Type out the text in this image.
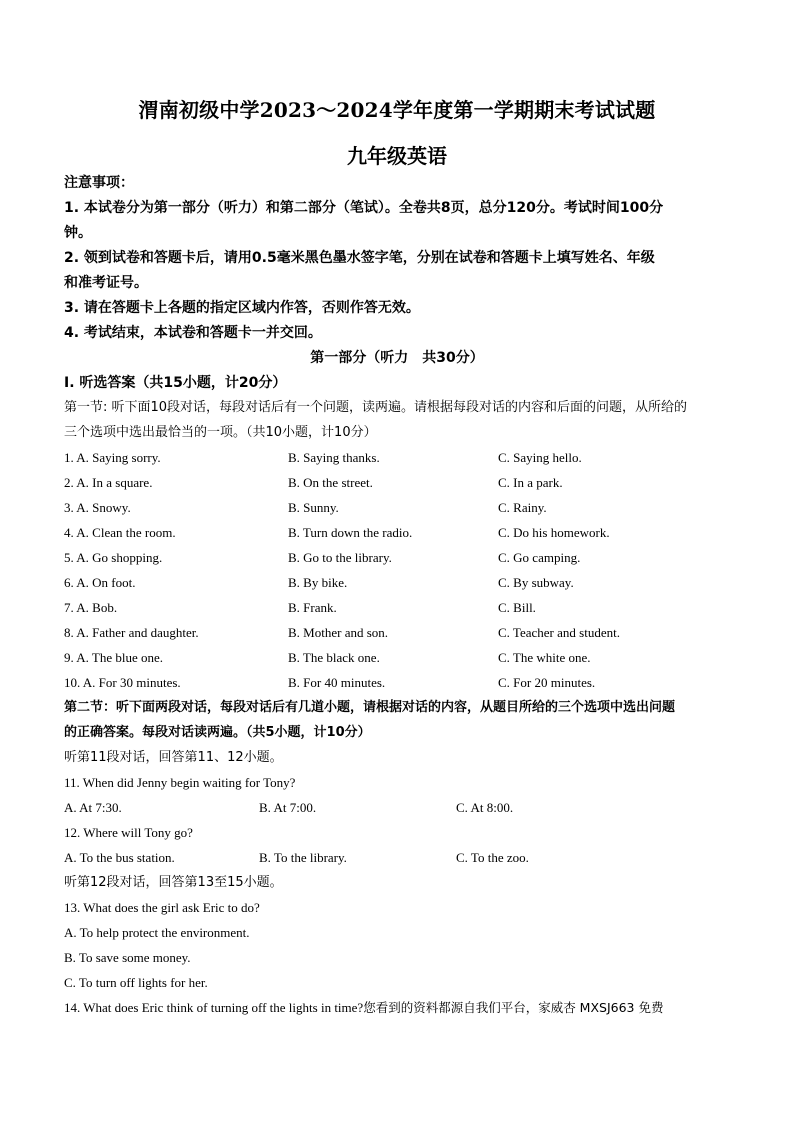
渭南初级中学2023～2024学年度第一学期期末考试试题
九年级英语
注意事项：
1. 本试卷分为第一部分（听力）和第二部分（笔试）。全卷共8页，总分120分。考试时间100分
钟。
2. 领到试卷和答题卡后，请用0.5毫米黑色墨水签字笔，分别在试卷和答题卡上填写姓名、年级
和准考证号。
3. 请在答题卡上各题的指定区域内作答，否则作答无效。
4. 考试结束，本试卷和答题卡一并交回。
第一部分（听力　共30分）
Ⅰ. 听选答案（共15小题，计20分）
第一节: 听下面10段对话，每段对话后有一个问题，读两遍。请根据每段对话的内容和后面的问题，从所给的
三个选项中选出最恰当的一项。（共10小题，计10分）
1. A. Saying sorry.	B. Saying thanks.	C. Saying hello.
2. A. In a square.	B. On the street.	C. In a park.
3. A. Snowy.	B. Sunny.	C. Rainy.
4. A. Clean the room.	B. Turn down the radio.	C. Do his homework.
5. A. Go shopping.	B. Go to the library.	C. Go camping.
6. A. On foot.	B. By bike.	C. By subway.
7. A. Bob.	B. Frank.	C. Bill.
8. A. Father and daughter.	B. Mother and son.	C. Teacher and student.
9. A. The blue one.	B. The black one.	C. The white one.
10. A. For 30 minutes.	B. For 40 minutes.	C. For 20 minutes.
第二节：听下面两段对话，每段对话后有几道小题，请根据对话的内容，从题目所给的三个选项中选出问题
的正确答案。每段对话读两遍。（共5小题，计10分）
听第11段对话，回答第11、12小题。
11. When did Jenny begin waiting for Tony?
A. At 7:30.	B. At 7:00.	C. At 8:00.
12. Where will Tony go?
A. To the bus station.	B. To the library.	C. To the zoo.
听第12段对话，回答第13至15小题。
13. What does the girl ask Eric to do?
A. To help protect the environment.
B. To save some money.
C. To turn off lights for her.
14. What does Eric think of turning off the lights in time?您看到的资料都源自我们平台，家威杏 MXSJ663 免费
